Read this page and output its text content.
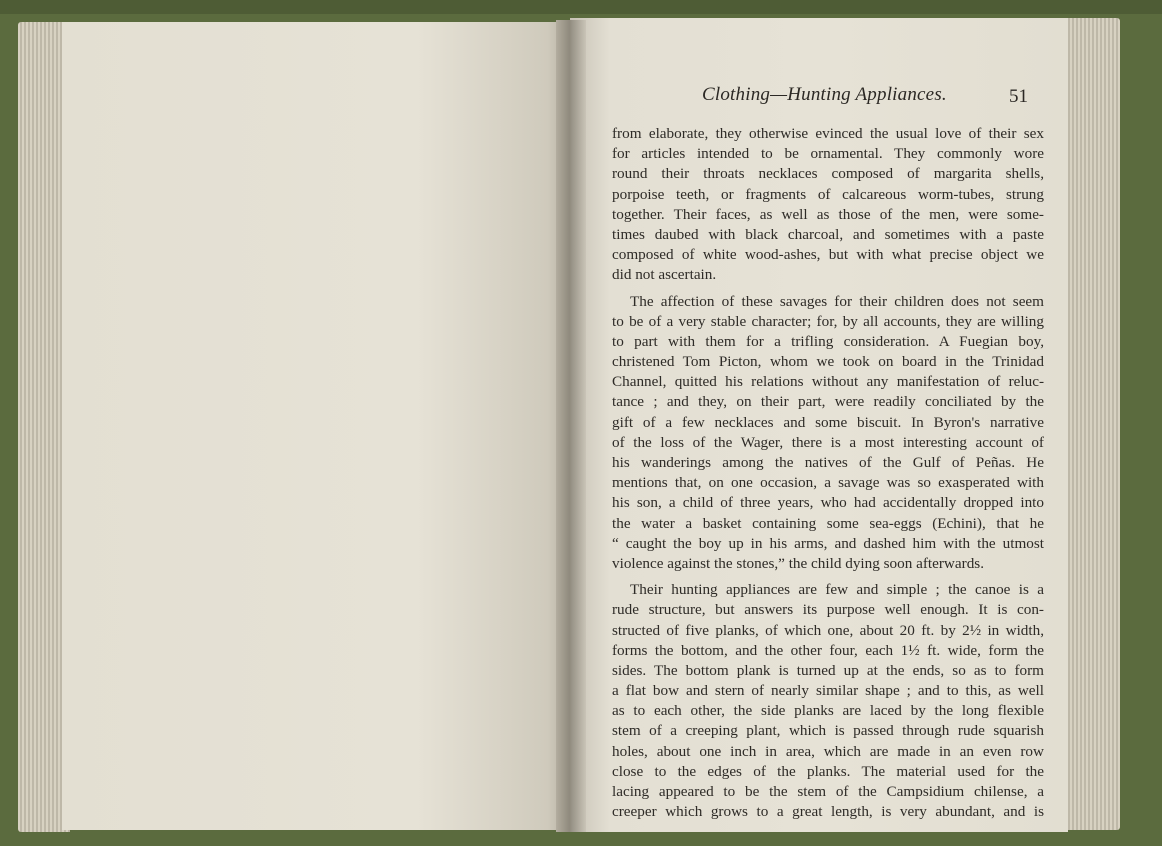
Clothing—Hunting Appliances.	51
from elaborate, they otherwise evinced the usual love of their sex
for articles intended to be ornamental. They commonly wore
round their throats necklaces composed of margarita shells,
porpoise teeth, or fragments of calcareous worm-tubes, strung
together. Their faces, as well as those of the men, were some-
times daubed with black charcoal, and sometimes with a paste
composed of white wood-ashes, but with what precise object we
did not ascertain.
The affection of these savages for their children does not seem
to be of a very stable character; for, by all accounts, they are willing
to part with them for a trifling consideration. A Fuegian boy,
christened Tom Picton, whom we took on board in the Trinidad
Channel, quitted his relations without any manifestation of reluc-
tance ; and they, on their part, were readily conciliated by the
gift of a few necklaces and some biscuit. In Byron's narrative
of the loss of the Wager, there is a most interesting account of
his wanderings among the natives of the Gulf of Peñas. He
mentions that, on one occasion, a savage was so exasperated with
his son, a child of three years, who had accidentally dropped into
the water a basket containing some sea-eggs (Echini), that he
“ caught the boy up in his arms, and dashed him with the utmost
violence against the stones,” the child dying soon afterwards.
Their hunting appliances are few and simple ; the canoe is a
rude structure, but answers its purpose well enough. It is con-
structed of five planks, of which one, about 20 ft. by 2½ in width,
forms the bottom, and the other four, each 1½ ft. wide, form the
sides. The bottom plank is turned up at the ends, so as to form
a flat bow and stern of nearly similar shape ; and to this, as well
as to each other, the side planks are laced by the long flexible
stem of a creeping plant, which is passed through rude squarish
holes, about one inch in area, which are made in an even row
close to the edges of the planks. The material used for the
lacing appeared to be the stem of the Campsidium chilense, a
creeper which grows to a great length, is very abundant, and is
